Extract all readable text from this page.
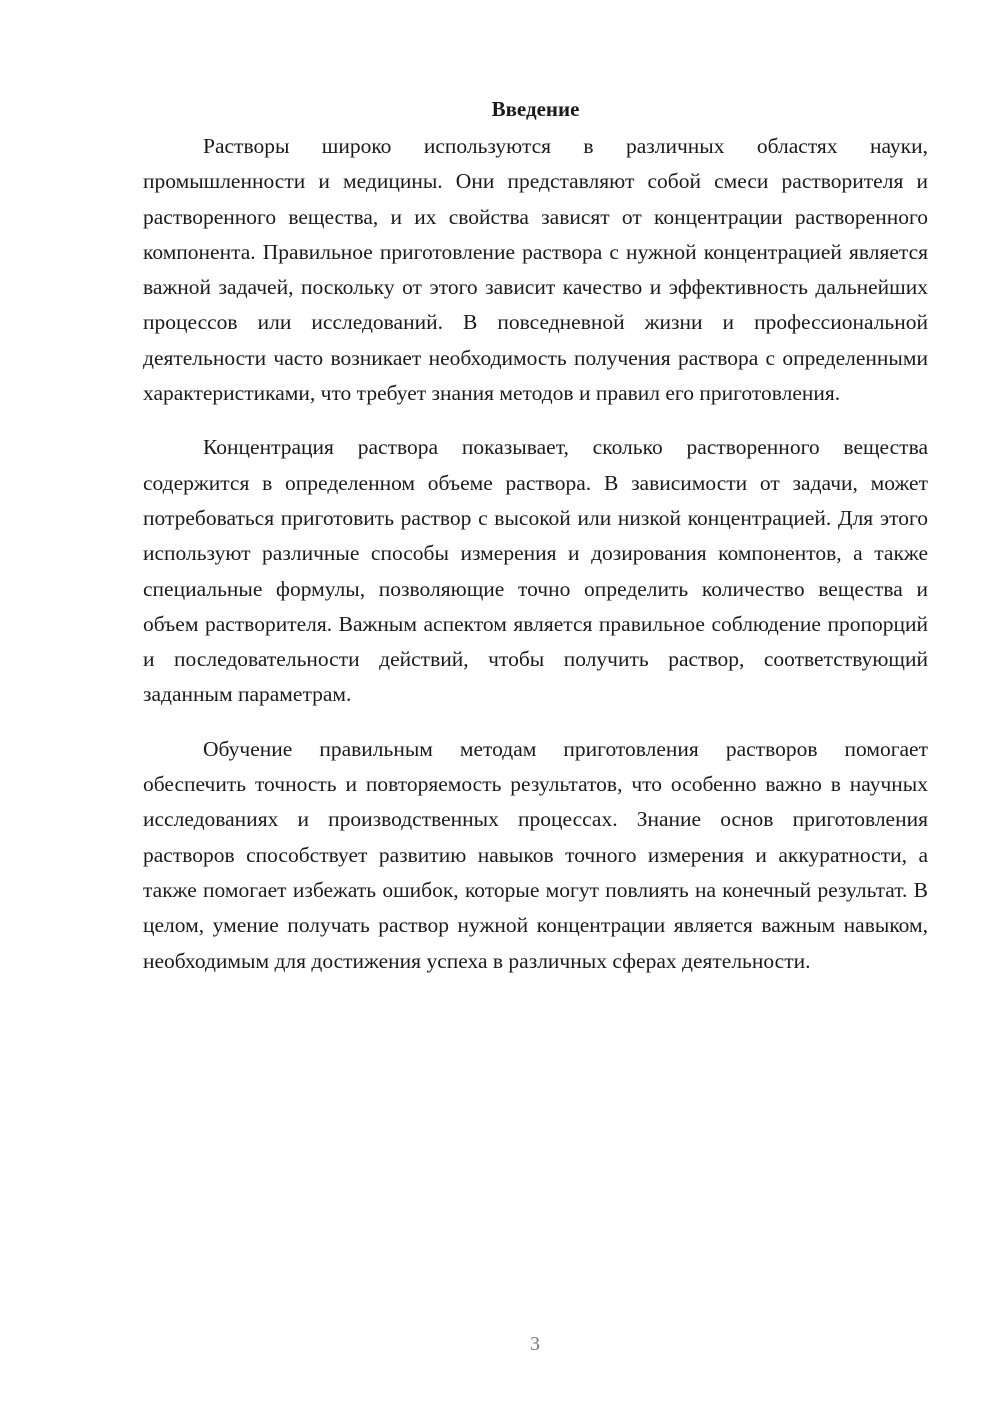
Введение

Растворы широко используются в различных областях науки, промышленности и медицины. Они представляют собой смеси растворителя и растворенного вещества, и их свойства зависят от концентрации растворенного компонента. Правильное приготовление раствора с нужной концентрацией является важной задачей, поскольку от этого зависит качество и эффективность дальнейших процессов или исследований. В повседневной жизни и профессиональной деятельности часто возникает необходимость получения раствора с определенными характеристиками, что требует знания методов и правил его приготовления.

Концентрация раствора показывает, сколько растворенного вещества содержится в определенном объеме раствора. В зависимости от задачи, может потребоваться приготовить раствор с высокой или низкой концентрацией. Для этого используют различные способы измерения и дозирования компонентов, а также специальные формулы, позволяющие точно определить количество вещества и объем растворителя. Важным аспектом является правильное соблюдение пропорций и последовательности действий, чтобы получить раствор, соответствующий заданным параметрам.

Обучение правильным методам приготовления растворов помогает обеспечить точность и повторяемость результатов, что особенно важно в научных исследованиях и производственных процессах. Знание основ приготовления растворов способствует развитию навыков точного измерения и аккуратности, а также помогает избежать ошибок, которые могут повлиять на конечный результат. В целом, умение получать раствор нужной концентрации является важным навыком, необходимым для достижения успеха в различных сферах деятельности.

3
